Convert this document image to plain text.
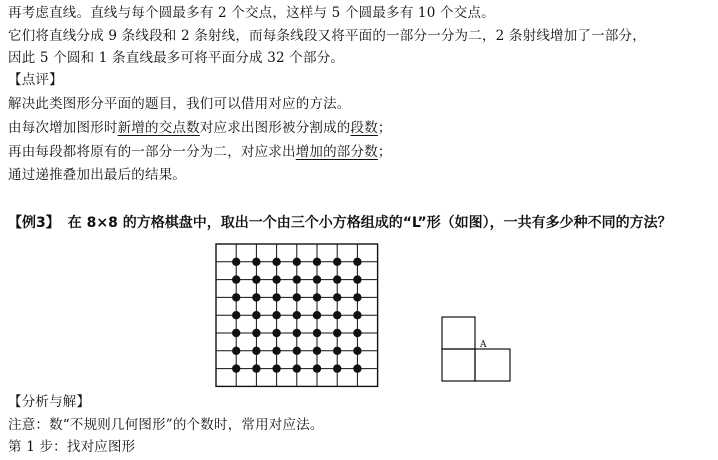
再考虑直线。直线与每个圆最多有 2 个交点，这样与 5 个圆最多有 10 个交点。
它们将直线分成 9 条线段和 2 条射线，而每条线段又将平面的一部分一分为二，2 条射线增加了一部分，
因此 5 个圆和 1 条直线最多可将平面分成 32 个部分。
【点评】
解决此类图形分平面的题目，我们可以借用对应的方法。
由每次增加图形时新增的交点数对应求出图形被分割成的段数；
再由每段都将原有的一部分一分为二，对应求出增加的部分数；
通过递推叠加出最后的结果。
【例3】 在 8×8 的方格棋盘中，取出一个由三个小方格组成的“L”形（如图），一共有多少种不同的方法？
A
【分析与解】
注意：数“不规则几何图形”的个数时，常用对应法。
第 1 步：找对应图形
